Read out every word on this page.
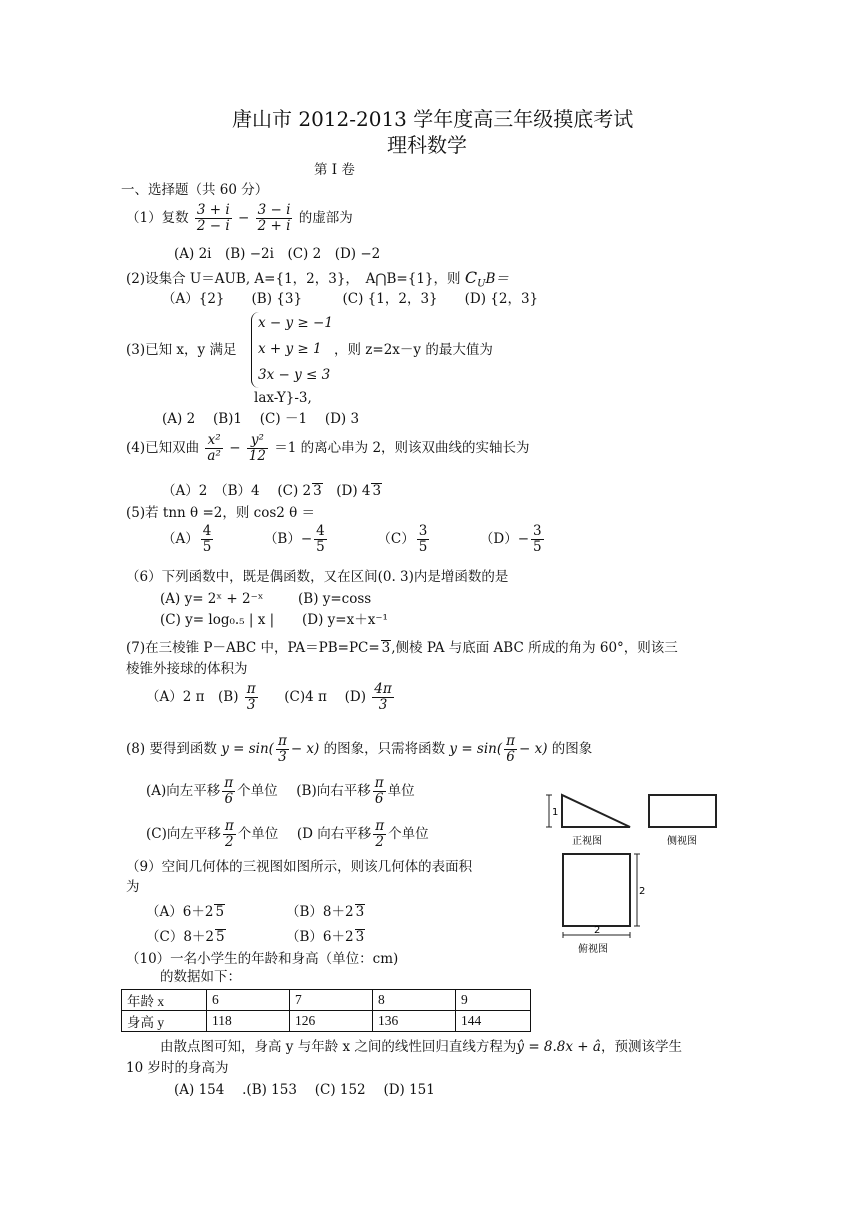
唐山市 2012-2013 学年度高三年级摸底考试
理科数学
第 I 卷
一、选择题（共 60 分）
（1）复数 $\frac{3 + i}{2 - i} - \frac{3 - i}{2 + i}$ 的虚部为
(A) 2i　(B) −2i　(C) 2　(D) −2
(2)设集合 U＝AUB, A={1，2，3}，　A⋂B={1}，则 $C_UB=$
（A）{2}　　(B) {3}　　　(C) {1，2，3}　　(D) {2，3}
x − y ≥ −1
(3)已知 x，y 满足 x + y ≥ 1 ，则 z=2x－y 的最大值为
3x − y ≤ 3
lax-Y}-3,
(A) 2　 (B)1　 (C) －1　 (D) 3
(4)已知双曲 $\frac{\text{x²}}{\text{a²}} - \frac{\text{y²}}{12} =1$ 的离心串为 2，则该双曲线的实轴长为
（A）2　（B）4　 (C) 2 3　(D) 4 3
(5)若 tnn θ =2，则 cos2 θ ＝
$(A) \frac{4}{5}$	$(B)- \frac{4}{5}$	$(C) \frac{3}{5}$	$(D)- \frac{3}{5}$
（6）下列函数中，既是偶函数，又在区间(0. 3)内是增函数的是
(A) y= 2ˣ + 2⁻ˣ	(B) y=coss
(C) y= log₀.₅ | x | (D) y=x＋x⁻¹
(7)在三棱锥 P－ABC 中，PA＝PB=PC= 3,侧棱 PA 与底面 ABC 所成的角为 60°，则该三
棱锥外接球的体积为
（A）2 π　$(B) \frac{\pi}{3} (C)4$ π　 $(D) \frac{4\pi}{3}$
(8) 要得到函数 $y = \sin( \frac{\pi}{3} - x)$ 的图象，只需将函数 $y = \sin( \frac{\pi}{6} - x)$ 的图象
(A)向左平移 $\frac{\pi}{6}$ 个单位 (B)向右平移 $\frac{\pi}{6}$ 单位
(C)向左平移 $\frac{\pi}{2}$ 个单位 (D 向右平移 $\frac{\pi}{2}$ 个单位
（9）空间几何体的三视图如图所示，则该几何体的表面积
为
（A）6＋2 5	（B）8＋2 3
（C）8＋2 5	（B）6＋2 3
1
正视图	侧视图
2
2
俯视图
（10）一名小学生的年龄和身高（单位：cm)
的数据如下：
年龄 x	6	7	8	9
身高 y	118	126	136	144
由散点图可知，身高 y 与年龄 x 之间的线性回归直线方程为ŷ = 8.8x + â，预测该学生
10 岁时的身高为
(A) 154　 .(B) 153　 (C) 152　 (D) 151
